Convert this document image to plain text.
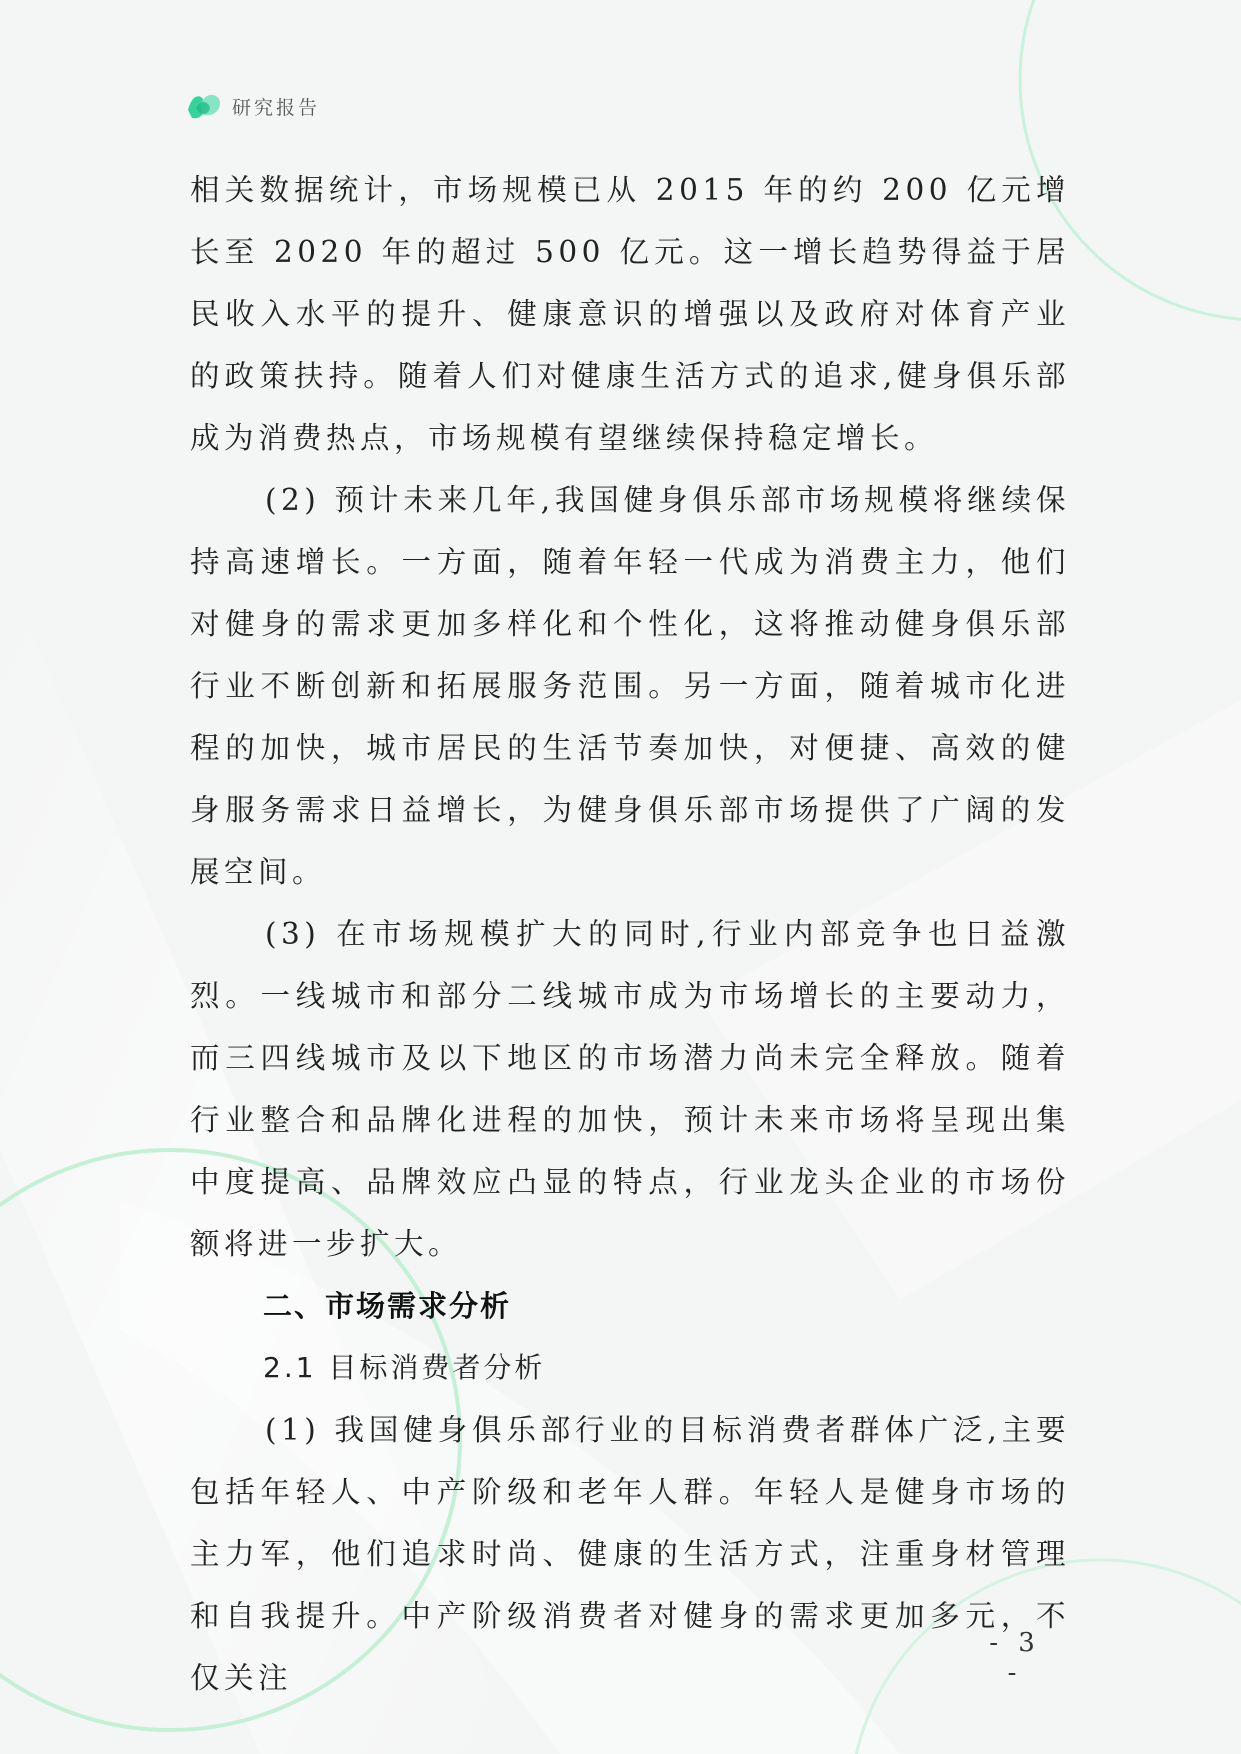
研究报告

相关数据统计，市场规模已从 2015 年的约 200 亿元增长至 2020 年的超过 500 亿元。这一增长趋势得益于居民收入水平的提升、健康意识的增强以及政府对体育产业的政策扶持。随着人们对健康生活方式的追求,健身俱乐部成为消费热点，市场规模有望继续保持稳定增长。

(2) 预计未来几年,我国健身俱乐部市场规模将继续保持高速增长。一方面，随着年轻一代成为消费主力，他们对健身的需求更加多样化和个性化，这将推动健身俱乐部行业不断创新和拓展服务范围。另一方面，随着城市化进程的加快，城市居民的生活节奏加快，对便捷、高效的健身服务需求日益增长，为健身俱乐部市场提供了广阔的发展空间。

(3) 在市场规模扩大的同时,行业内部竞争也日益激烈。一线城市和部分二线城市成为市场增长的主要动力，而三四线城市及以下地区的市场潜力尚未完全释放。随着行业整合和品牌化进程的加快，预计未来市场将呈现出集中度提高、品牌效应凸显的特点，行业龙头企业的市场份额将进一步扩大。

二、市场需求分析

2.1 目标消费者分析

(1) 我国健身俱乐部行业的目标消费者群体广泛,主要包括年轻人、中产阶级和老年人群。年轻人是健身市场的主力军，他们追求时尚、健康的生活方式，注重身材管理和自我提升。中产阶级消费者对健身的需求更加多元，不仅关注

- 3 -
